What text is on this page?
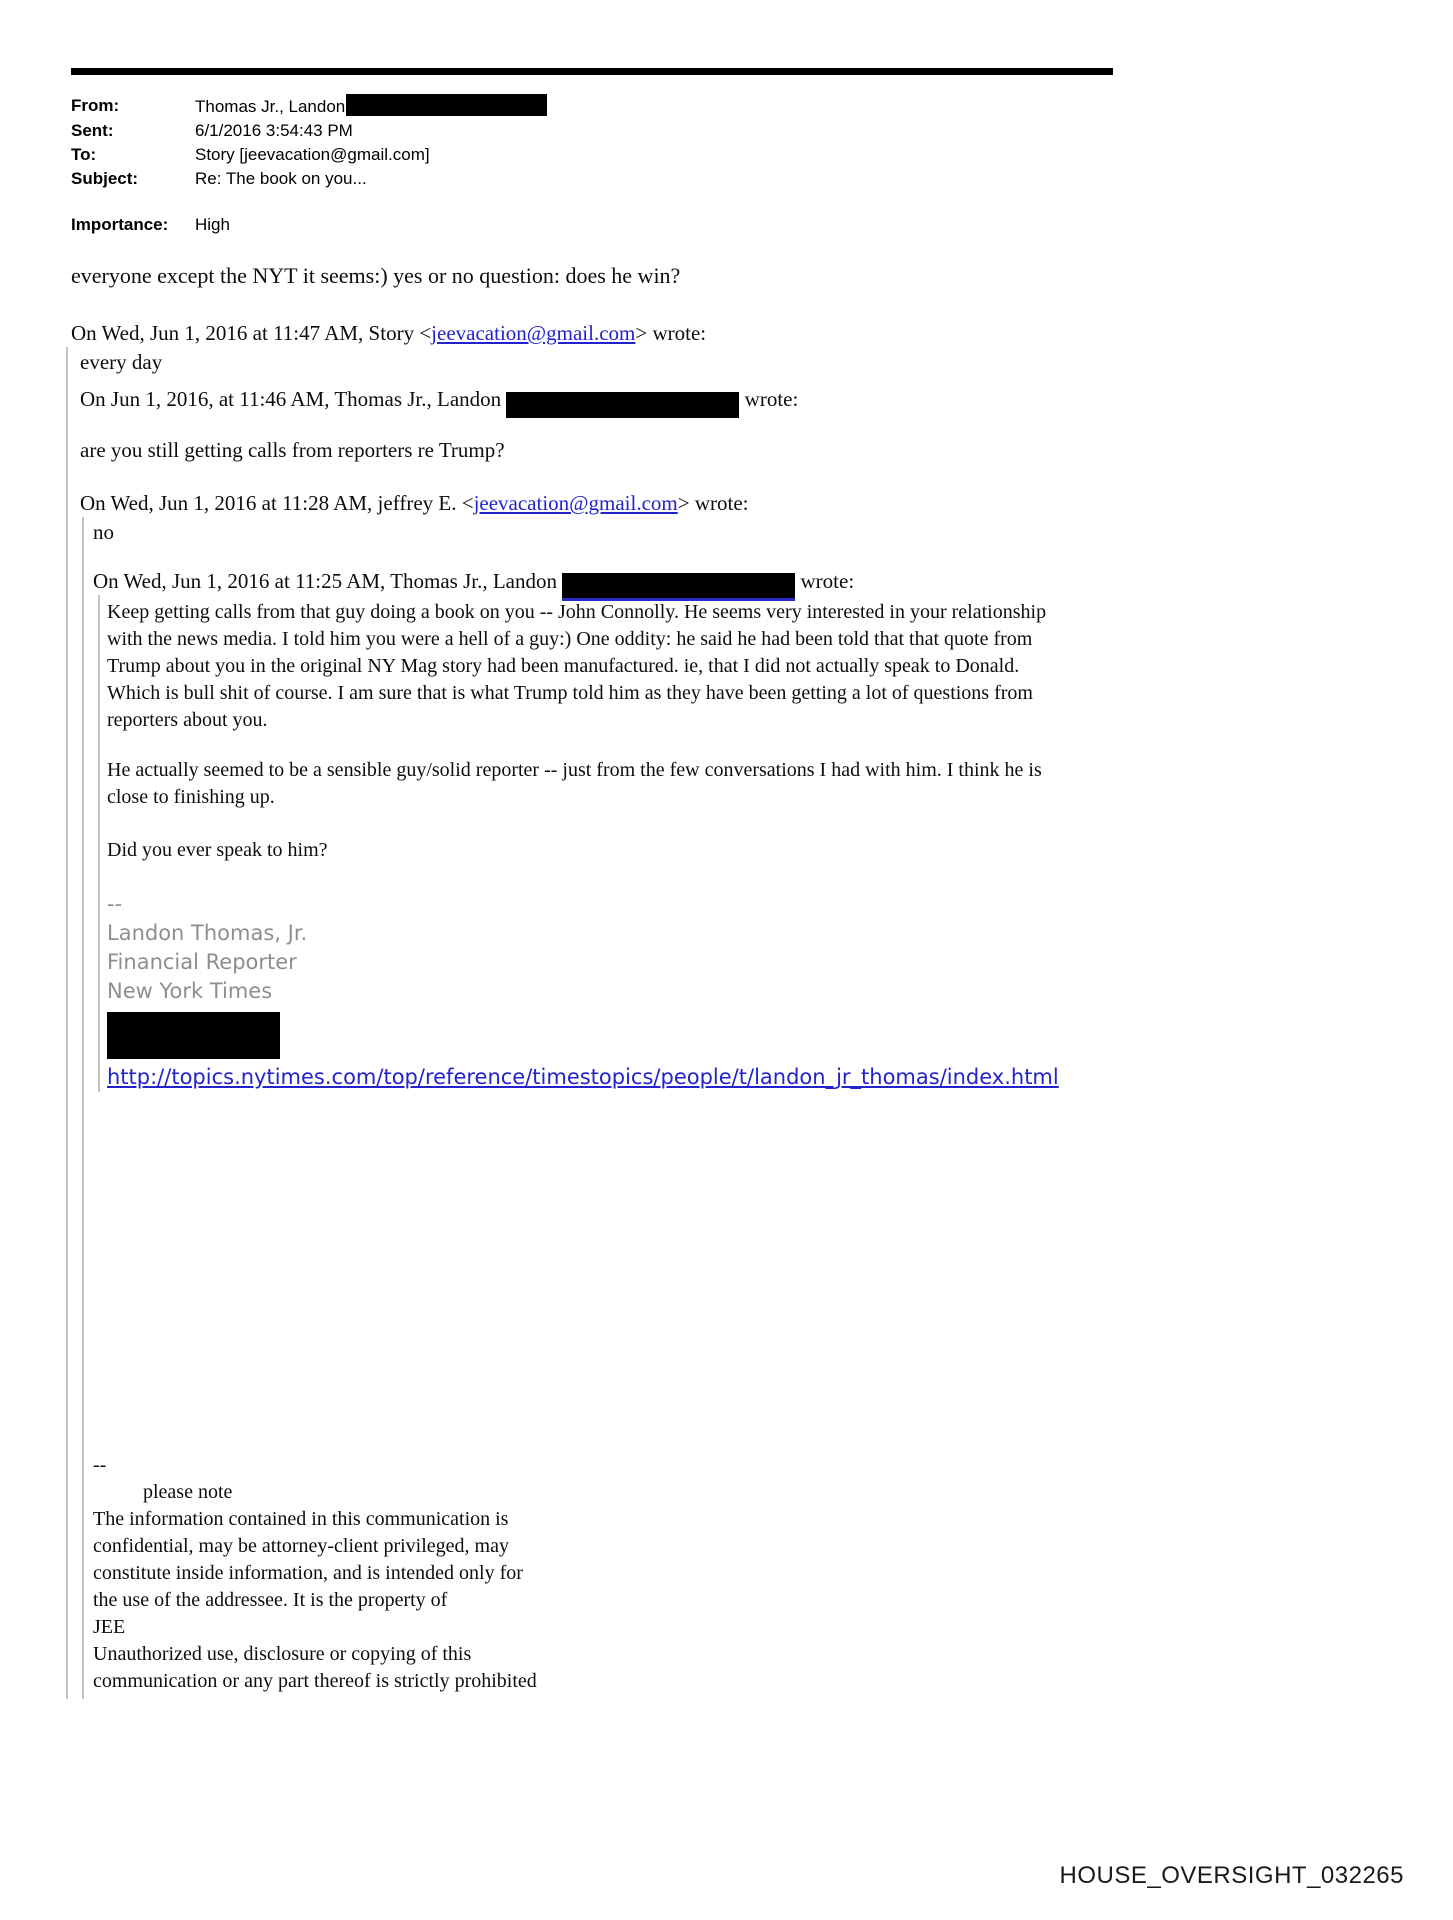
From:	Thomas Jr., Landon
Sent:	6/1/2016 3:54:43 PM
To:	Story [jeevacation@gmail.com]
Subject:	Re: The book on you...
Importance:	High
everyone except the NYT it seems:) yes or no question: does he win?
On Wed, Jun 1, 2016 at 11:47 AM, Story <jeevacation@gmail.com> wrote:
every day
On Jun 1, 2016, at 11:46 AM, Thomas Jr., Landon	wrote:
are you still getting calls from reporters re Trump?
On Wed, Jun 1, 2016 at 11:28 AM, jeffrey E. <jeevacation@gmail.com> wrote:
no
On Wed, Jun 1, 2016 at 11:25 AM, Thomas Jr., Landon	wrote:
Keep getting calls from that guy doing a book on you -- John Connolly. He seems very interested in your relationship with the news media. I told him you were a hell of a guy:) One oddity: he said he had been told that that quote from Trump about you in the original NY Mag story had been manufactured. ie, that I did not actually speak to Donald. Which is bull shit of course. I am sure that is what Trump told him as they have been getting a lot of questions from reporters about you.
He actually seemed to be a sensible guy/solid reporter -- just from the few conversations I had with him. I think he is close to finishing up.
Did you ever speak to him?
--
Landon Thomas, Jr.
Financial Reporter
New York Times
http://topics.nytimes.com/top/reference/timestopics/people/t/landon_jr_thomas/index.html
--
please note
The information contained in this communication is
confidential, may be attorney-client privileged, may
constitute inside information, and is intended only for
the use of the addressee. It is the property of
JEE
Unauthorized use, disclosure or copying of this
communication or any part thereof is strictly prohibited
HOUSE_OVERSIGHT_032265
